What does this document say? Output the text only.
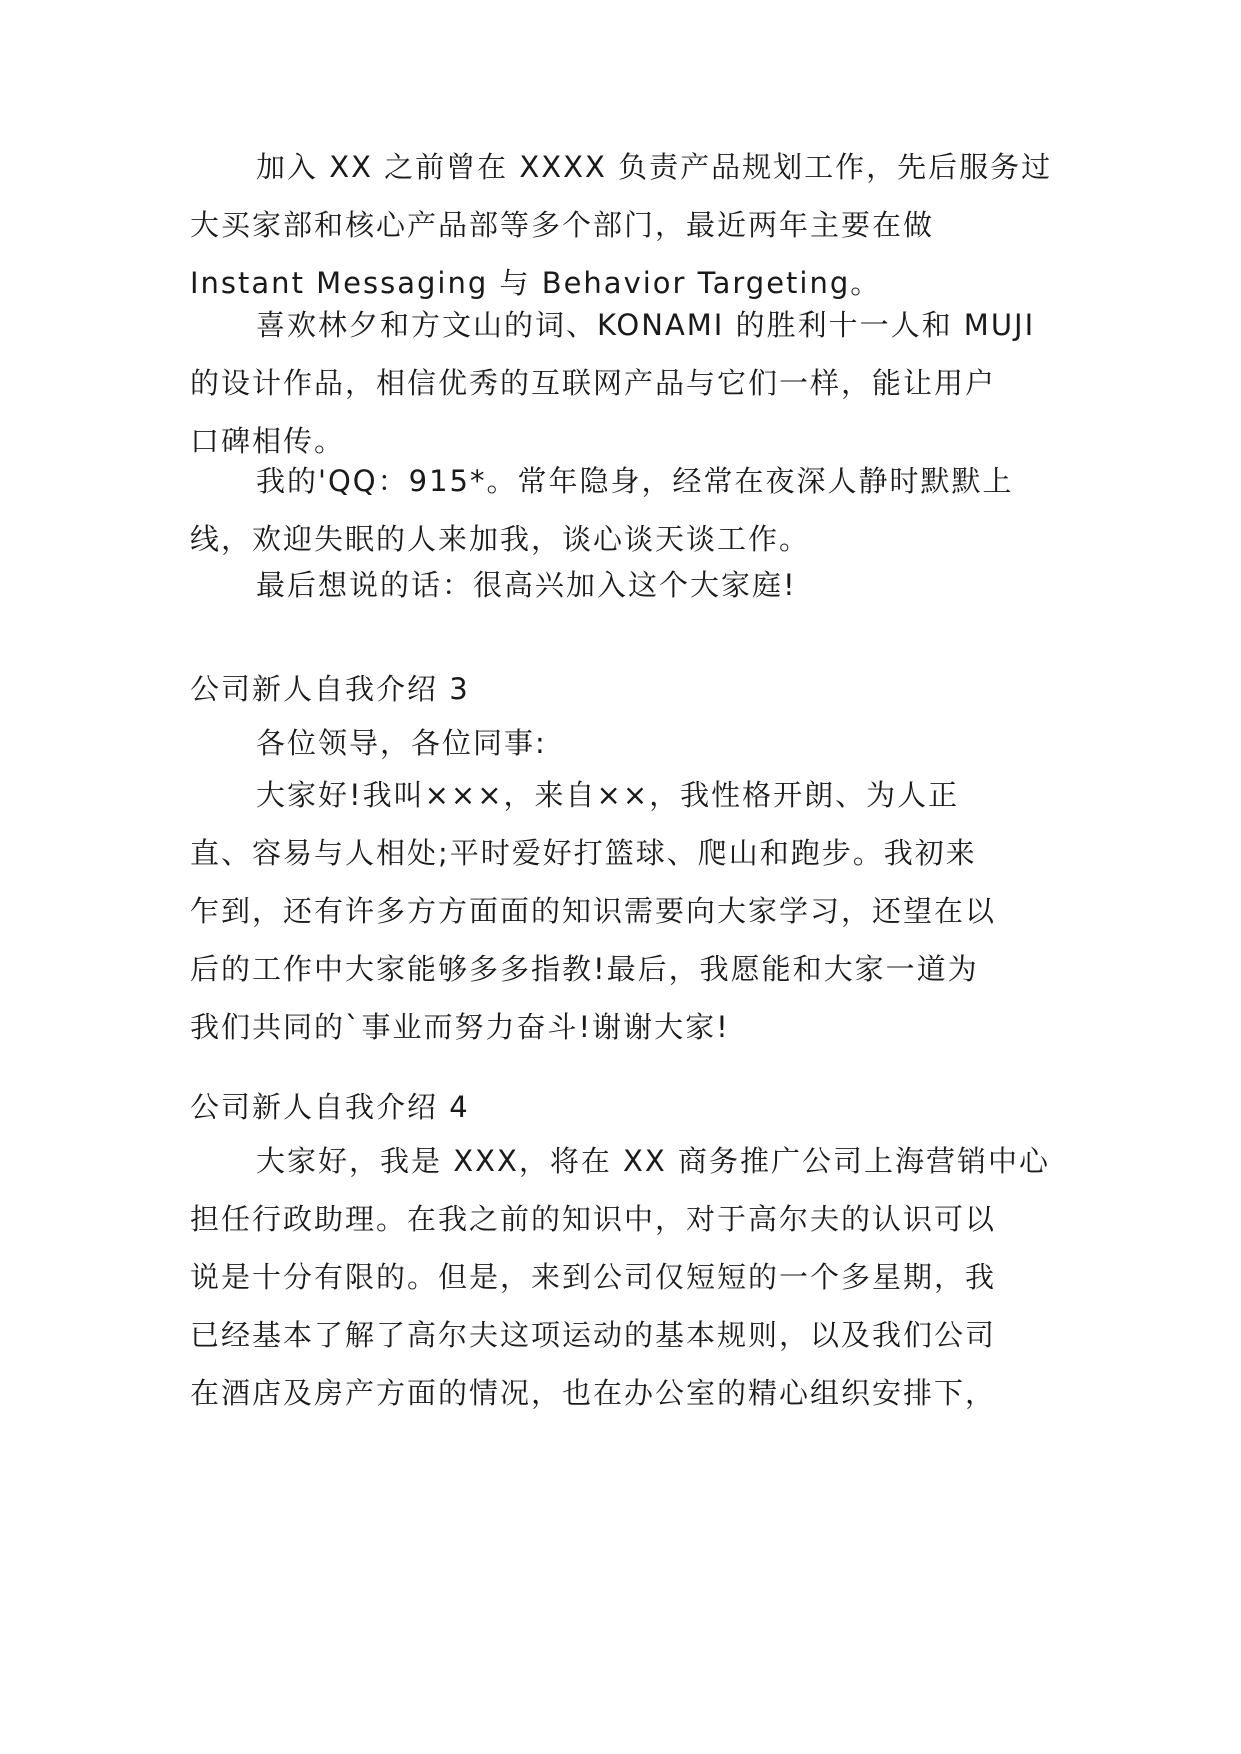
加入 XX 之前曾在 XXXX 负责产品规划工作，先后服务过
大买家部和核心产品部等多个部门，最近两年主要在做
Instant Messaging 与 Behavior Targeting。
喜欢林夕和方文山的词、KONAMI 的胜利十一人和 MUJI
的设计作品，相信优秀的互联网产品与它们一样，能让用户
口碑相传。
我的'QQ：915*。常年隐身，经常在夜深人静时默默上
线，欢迎失眠的人来加我，谈心谈天谈工作。
最后想说的话：很高兴加入这个大家庭!
公司新人自我介绍 3
各位领导，各位同事:
大家好!我叫×××，来自××，我性格开朗、为人正
直、容易与人相处;平时爱好打篮球、爬山和跑步。我初来
乍到，还有许多方方面面的知识需要向大家学习，还望在以
后的工作中大家能够多多指教!最后，我愿能和大家一道为
我们共同的`事业而努力奋斗!谢谢大家!
公司新人自我介绍 4
大家好，我是 XXX，将在 XX 商务推广公司上海营销中心
担任行政助理。在我之前的知识中，对于高尔夫的认识可以
说是十分有限的。但是，来到公司仅短短的一个多星期，我
已经基本了解了高尔夫这项运动的基本规则，以及我们公司
在酒店及房产方面的情况，也在办公室的精心组织安排下，
